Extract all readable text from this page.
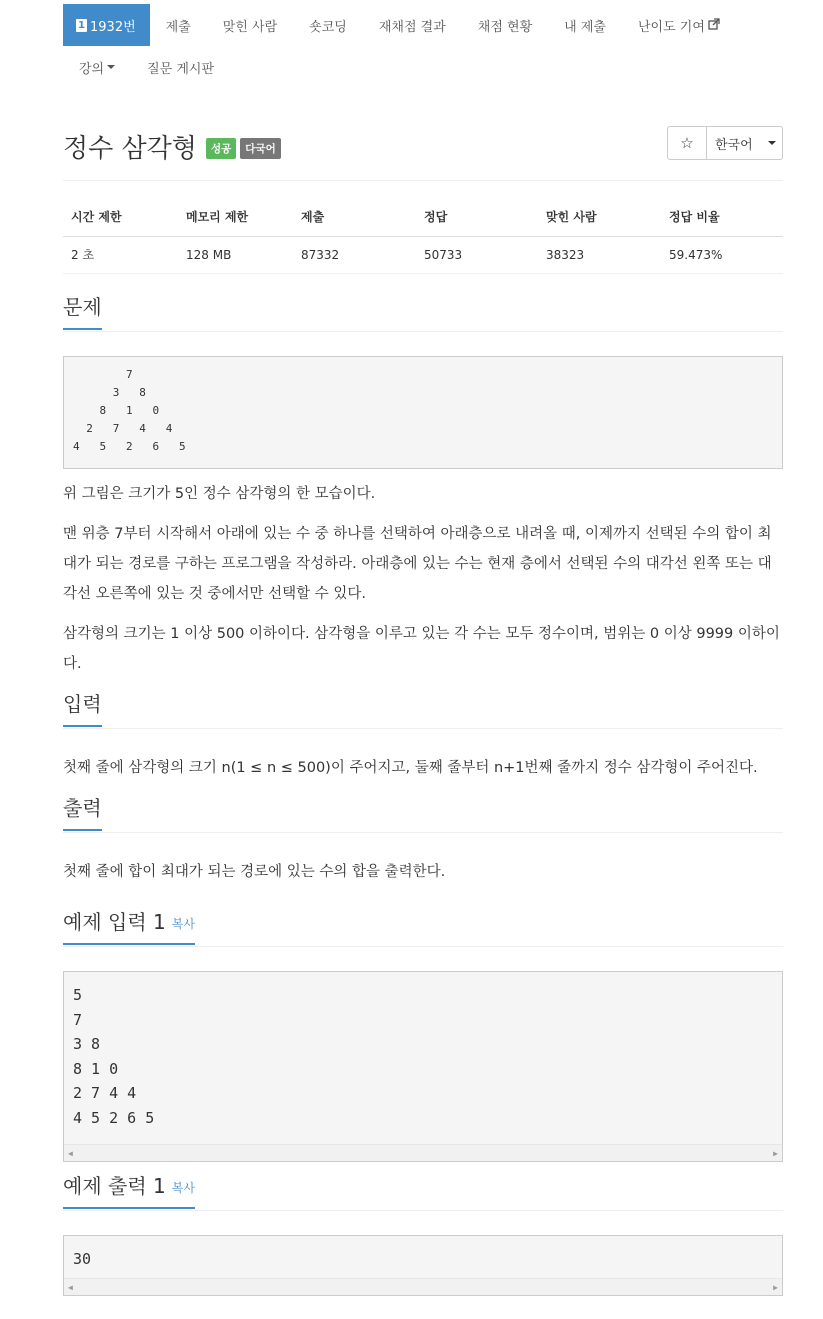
1 1932번 제출 맞힌 사람 숏코딩 재채점 결과 채점 현황 내 제출 난이도 기여
강의	질문 게시판
정수 삼각형	성공	다국어	☆ 한국어
시간 제한	메모리 제한	제출	정답	맞힌 사람	정답 비율
2 초	128 MB	87332	50733	38323	59.473%
문제
7
3   8
8   1   0
2   7   4   4
4   5   2   6   5
위 그림은 크기가 5인 정수 삼각형의 한 모습이다.
맨 위층 7부터 시작해서 아래에 있는 수 중 하나를 선택하여 아래층으로 내려올 때, 이제까지 선택된 수의 합이 최대가 되는 경로를 구하는 프로그램을 작성하라. 아래층에 있는 수는 현재 층에서 선택된 수의 대각선 왼쪽 또는 대각선 오른쪽에 있는 것 중에서만 선택할 수 있다.
삼각형의 크기는 1 이상 500 이하이다. 삼각형을 이루고 있는 각 수는 모두 정수이며, 범위는 0 이상 9999 이하이다.
입력
첫째 줄에 삼각형의 크기 n(1 ≤ n ≤ 500)이 주어지고, 둘째 줄부터 n+1번째 줄까지 정수 삼각형이 주어진다.
출력
첫째 줄에 합이 최대가 되는 경로에 있는 수의 합을 출력한다.
예제 입력 1 복사
5
7
3 8
8 1 0
2 7 4 4
4 5 2 6 5
◀	▶
예제 출력 1 복사
30
◀	▶
